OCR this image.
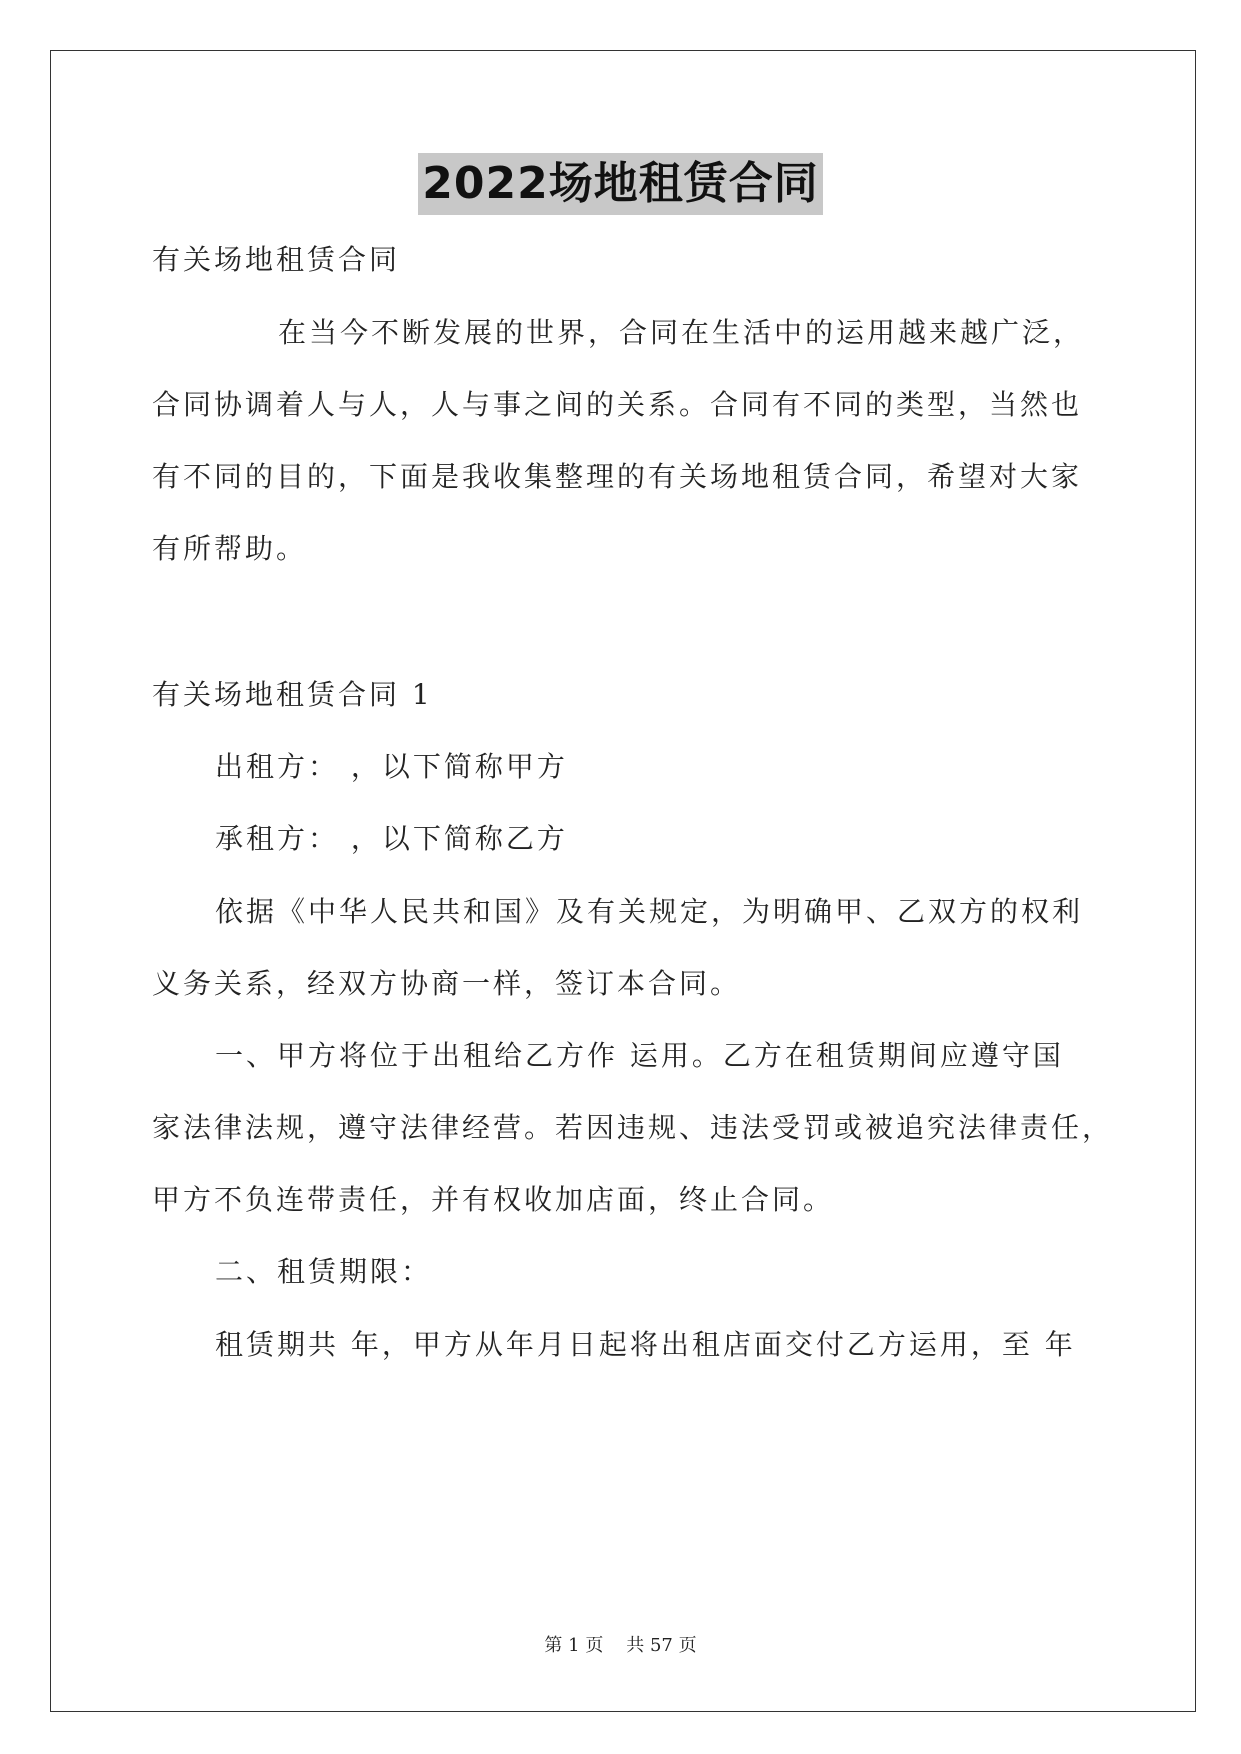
2022场地租赁合同
有关场地租赁合同
在当今不断发展的世界，合同在生活中的运用越来越广泛，
合同协调着人与人，人与事之间的关系。合同有不同的类型，当然也
有不同的目的，下面是我收集整理的有关场地租赁合同，希望对大家
有所帮助。
有关场地租赁合同 1
出租方： ，以下简称甲方
承租方： ，以下简称乙方
依据《中华人民共和国》及有关规定，为明确甲、乙双方的权利
义务关系，经双方协商一样，签订本合同。
一、甲方将位于出租给乙方作 运用。乙方在租赁期间应遵守国
家法律法规，遵守法律经营。若因违规、违法受罚或被追究法律责任，
甲方不负连带责任，并有权收加店面，终止合同。
二、租赁期限：
租赁期共 年，甲方从年月日起将出租店面交付乙方运用，至 年
第 1 页 共 57 页
